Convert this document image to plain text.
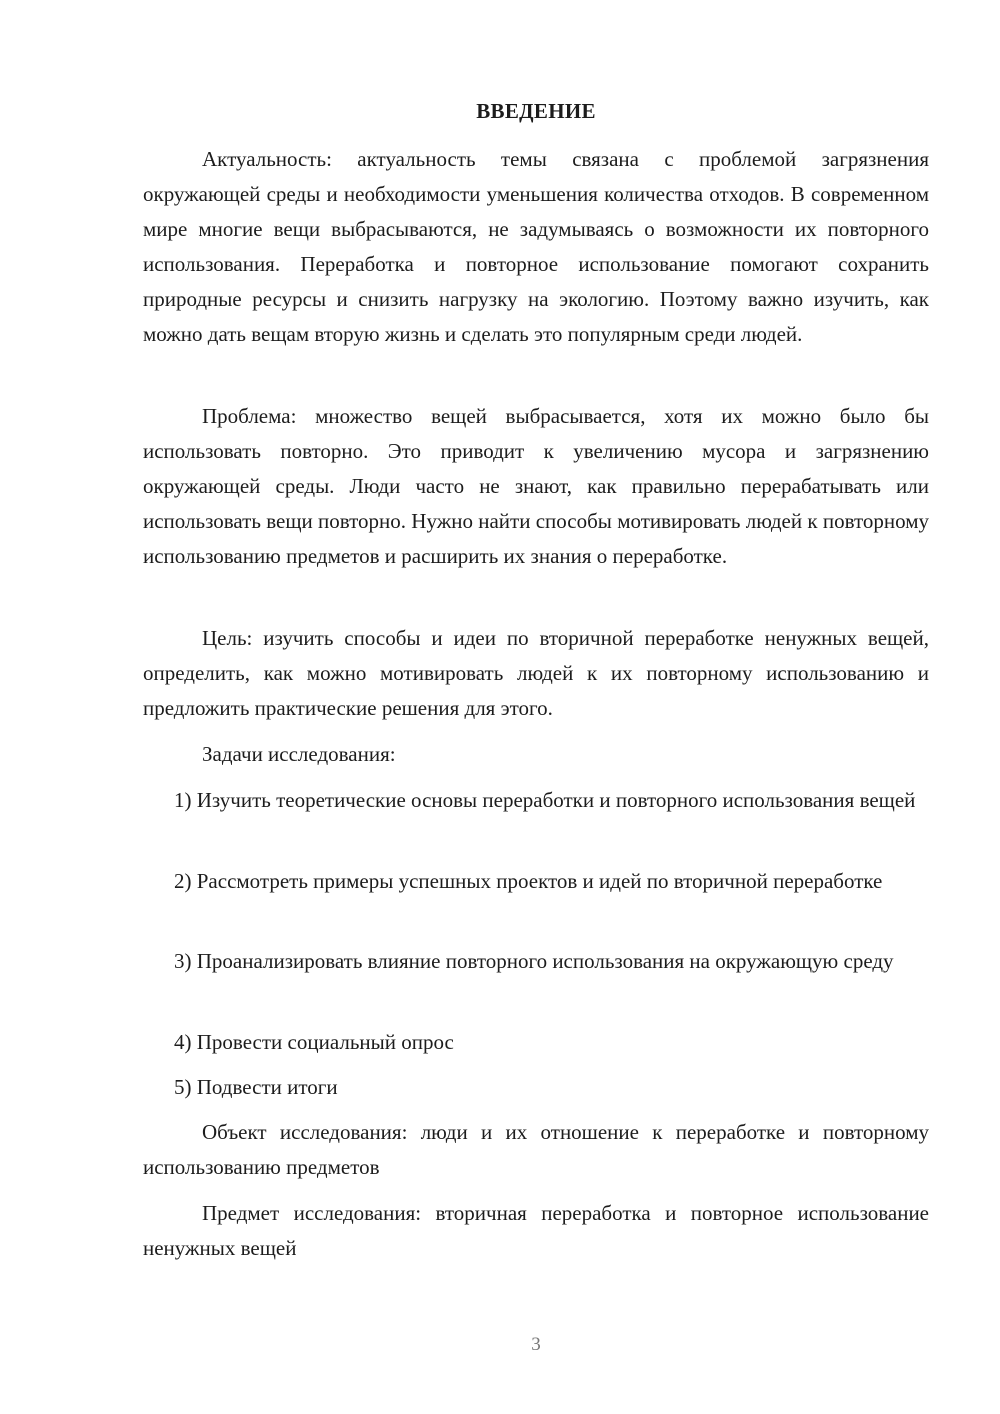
ВВЕДЕНИЕ

Актуальность: актуальность темы связана с проблемой загрязнения окружающей среды и необходимости уменьшения количества отходов. В современном мире многие вещи выбрасываются, не задумываясь о возможности их повторного использования. Переработка и повторное использование помогают сохранить природные ресурсы и снизить нагрузку на экологию. Поэтому важно изучить, как можно дать вещам вторую жизнь и сделать это популярным среди людей.

Проблема: множество вещей выбрасывается, хотя их можно было бы использовать повторно. Это приводит к увеличению мусора и загрязнению окружающей среды. Люди часто не знают, как правильно перерабатывать или использовать вещи повторно. Нужно найти способы мотивировать людей к повторному использованию предметов и расширить их знания о переработке.

Цель: изучить способы и идеи по вторичной переработке ненужных вещей, определить, как можно мотивировать людей к их повторному использованию и предложить практические решения для этого.

Задачи исследования:

1) Изучить теоретические основы переработки и повторного использования вещей

2) Рассмотреть примеры успешных проектов и идей по вторичной переработке

3) Проанализировать влияние повторного использования на окружающую среду

4) Провести социальный опрос

5) Подвести итоги

Объект исследования: люди и их отношение к переработке и повторному использованию предметов

Предмет исследования: вторичная переработка и повторное использование ненужных вещей

3
